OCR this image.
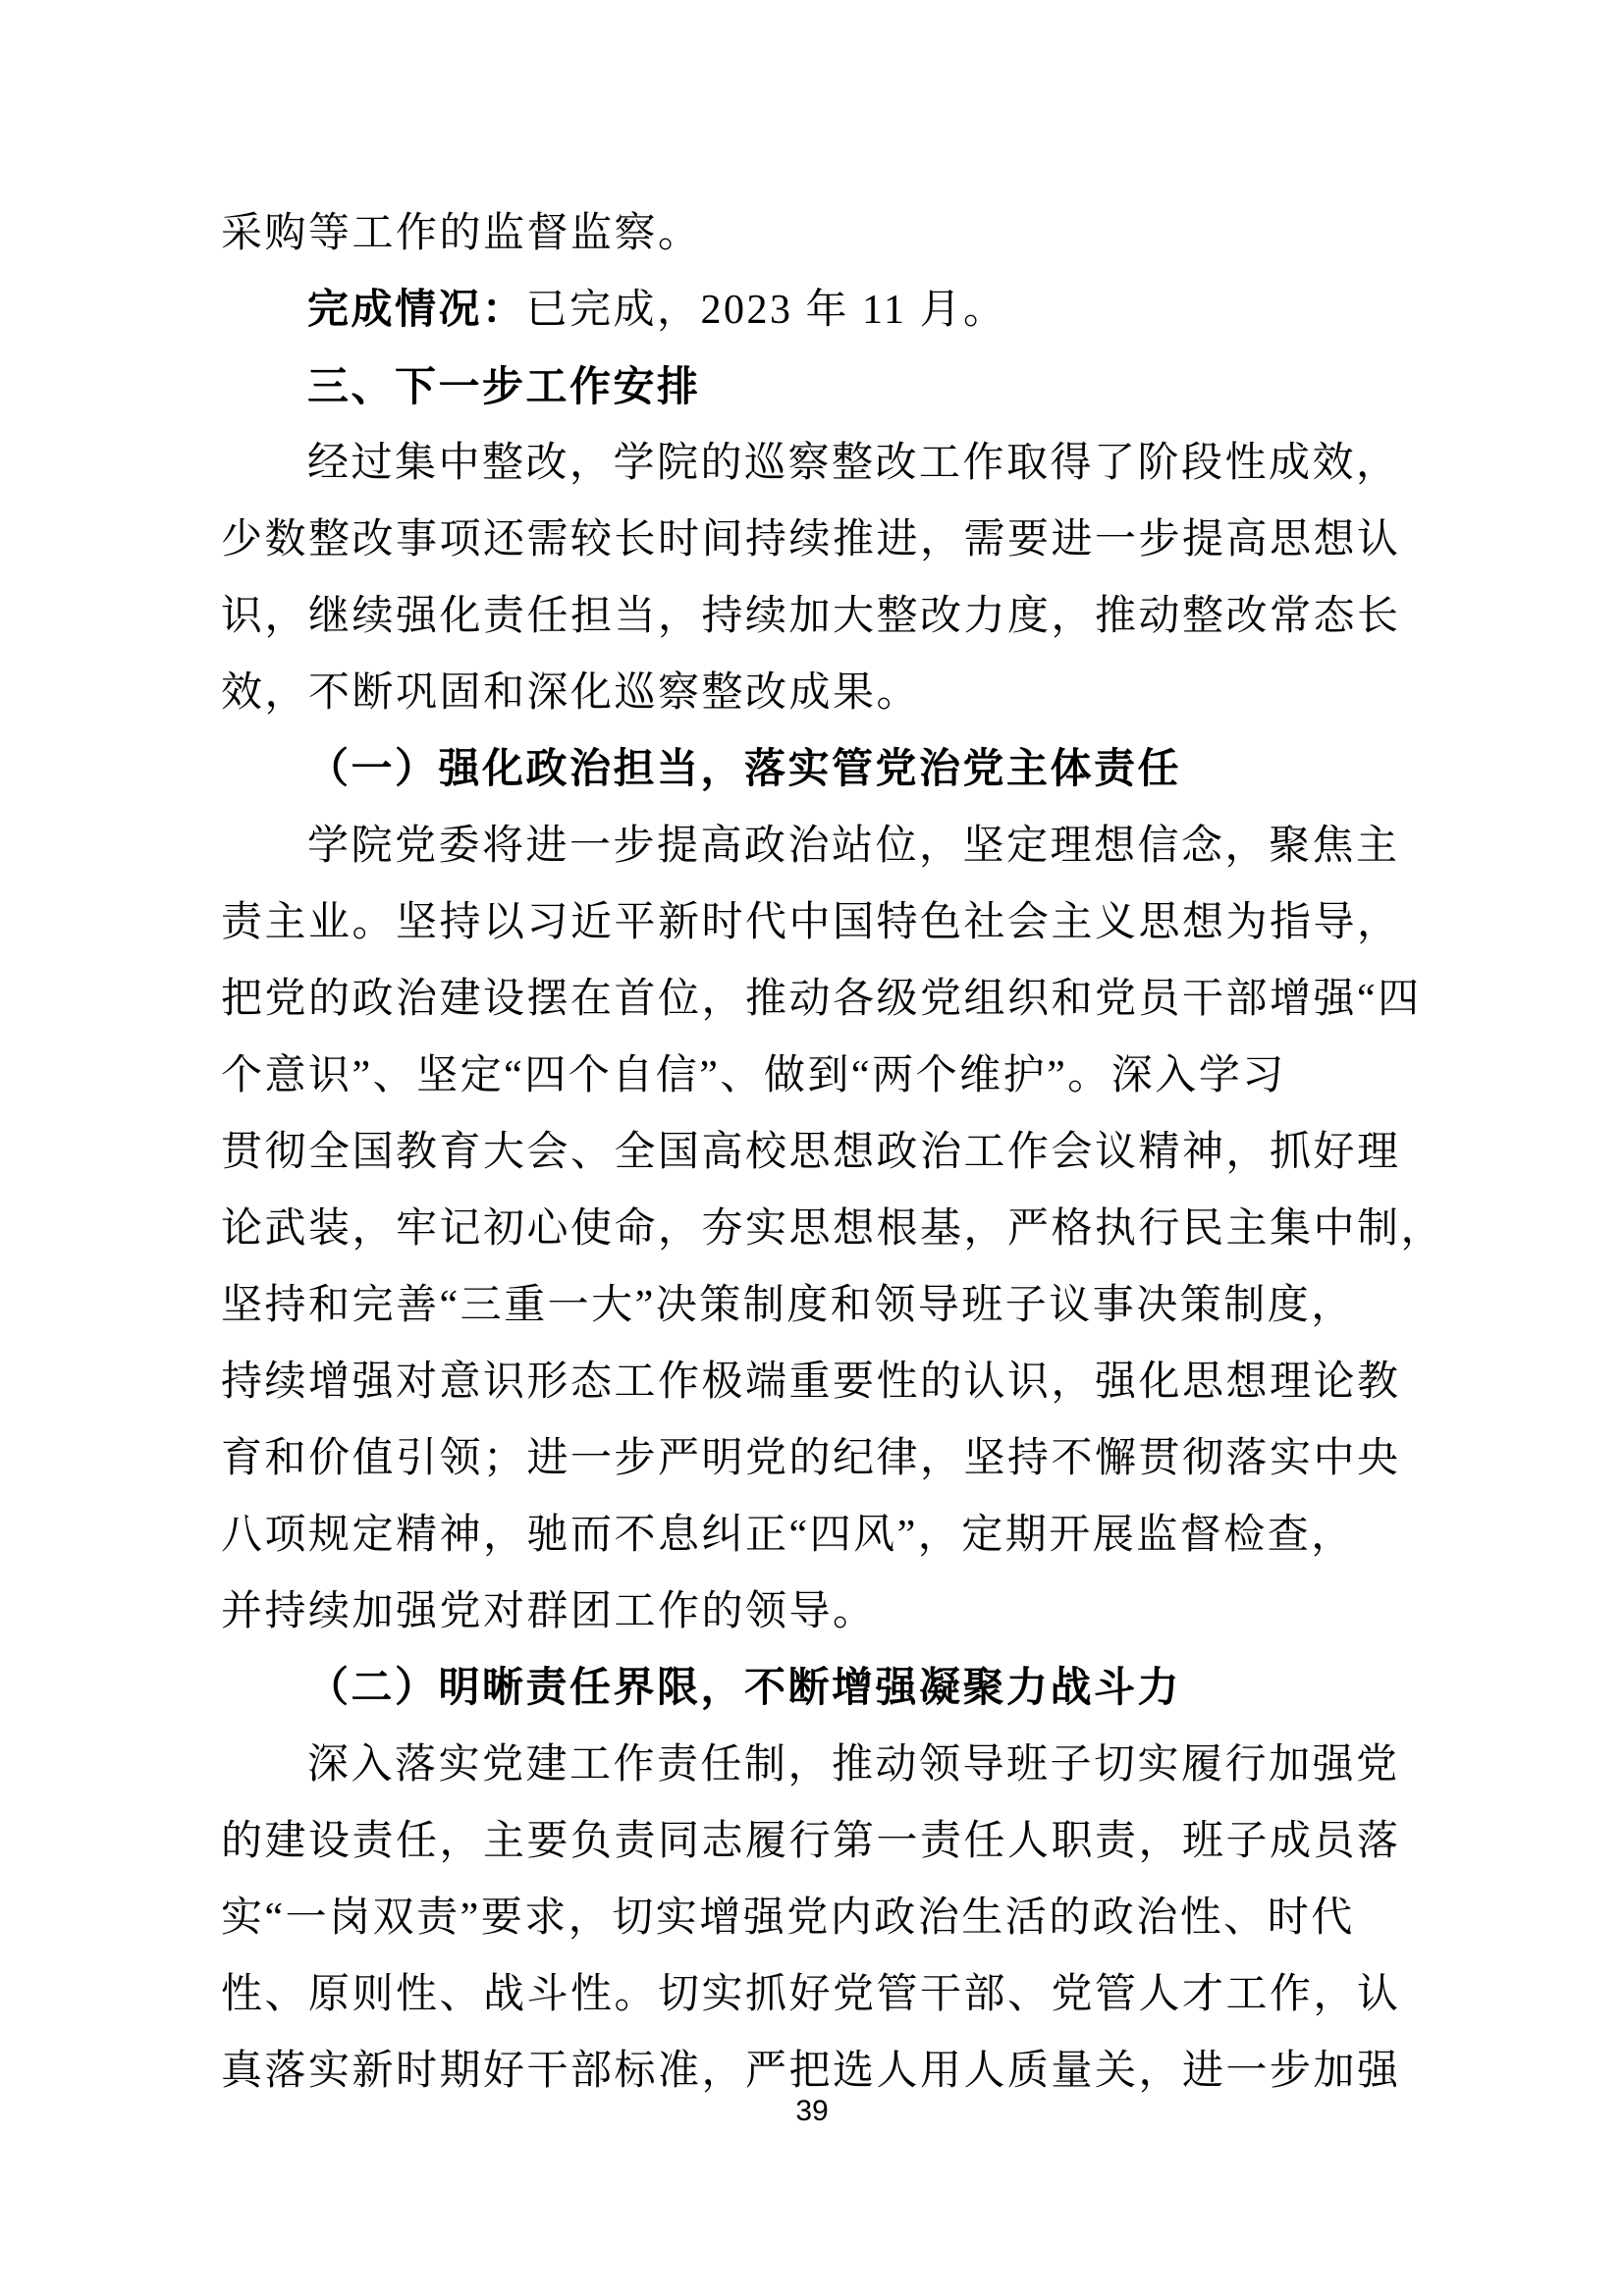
采购等工作的监督监察。
完成情况：已完成，2023 年 11 月。
三、下一步工作安排
经过集中整改，学院的巡察整改工作取得了阶段性成效，
少数整改事项还需较长时间持续推进，需要进一步提高思想认
识，继续强化责任担当，持续加大整改力度，推动整改常态长
效，不断巩固和深化巡察整改成果。
（一）强化政治担当，落实管党治党主体责任
学院党委将进一步提高政治站位，坚定理想信念，聚焦主
责主业。坚持以习近平新时代中国特色社会主义思想为指导，
把党的政治建设摆在首位，推动各级党组织和党员干部增强“四
个意识”、坚定“四个自信”、做到“两个维护”。深入学习
贯彻全国教育大会、全国高校思想政治工作会议精神，抓好理
论武装，牢记初心使命，夯实思想根基，严格执行民主集中制，
坚持和完善“三重一大”决策制度和领导班子议事决策制度，
持续增强对意识形态工作极端重要性的认识，强化思想理论教
育和价值引领；进一步严明党的纪律，坚持不懈贯彻落实中央
八项规定精神，驰而不息纠正“四风”，定期开展监督检查，
并持续加强党对群团工作的领导。
（二）明晰责任界限，不断增强凝聚力战斗力
深入落实党建工作责任制，推动领导班子切实履行加强党
的建设责任，主要负责同志履行第一责任人职责，班子成员落
实“一岗双责”要求，切实增强党内政治生活的政治性、时代
性、原则性、战斗性。切实抓好党管干部、党管人才工作，认
真落实新时期好干部标准，严把选人用人质量关，进一步加强
39
